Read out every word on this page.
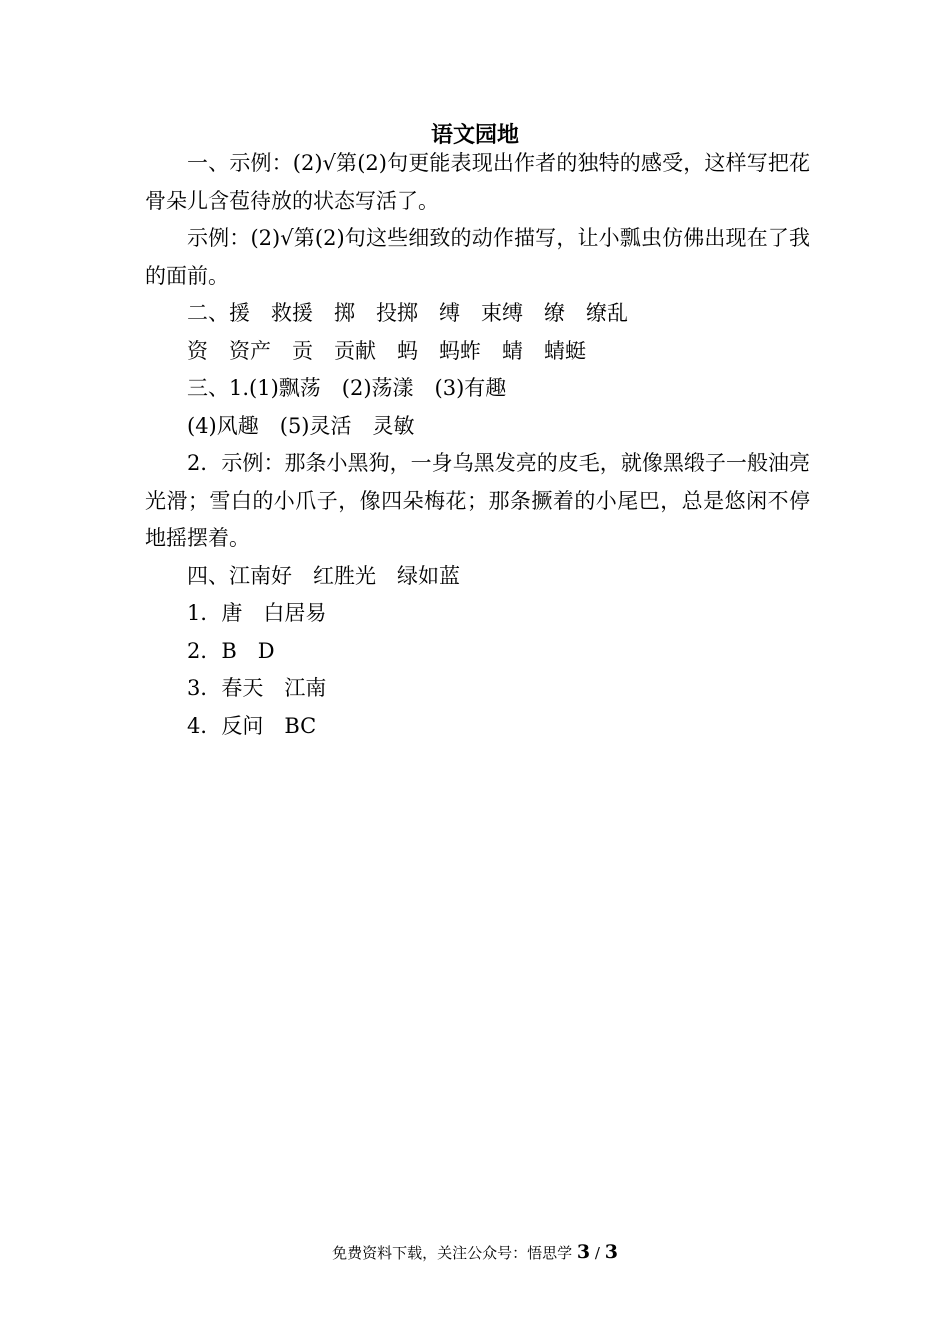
语文园地

一、示例：(2)√第(2)句更能表现出作者的独特的感受，这样写把花骨朵儿含苞待放的状态写活了。

示例：(2)√第(2)句这些细致的动作描写，让小瓢虫仿佛出现在了我的面前。

二、援　救援　掷　投掷　缚　束缚　缭　缭乱

资　资产　贡　贡献　蚂　蚂蚱　蜻　蜻蜓

三、1.(1)飘荡　(2)荡漾　(3)有趣

(4)风趣　(5)灵活　灵敏

2．示例：那条小黑狗，一身乌黑发亮的皮毛，就像黑缎子一般油亮光滑；雪白的小爪子，像四朵梅花；那条撅着的小尾巴，总是悠闲不停地摇摆着。

四、江南好　红胜光　绿如蓝

1．唐　白居易

2．B　D

3．春天　江南

4．反问　BC

免费资料下载，关注公众号：悟思学 3 / 3
